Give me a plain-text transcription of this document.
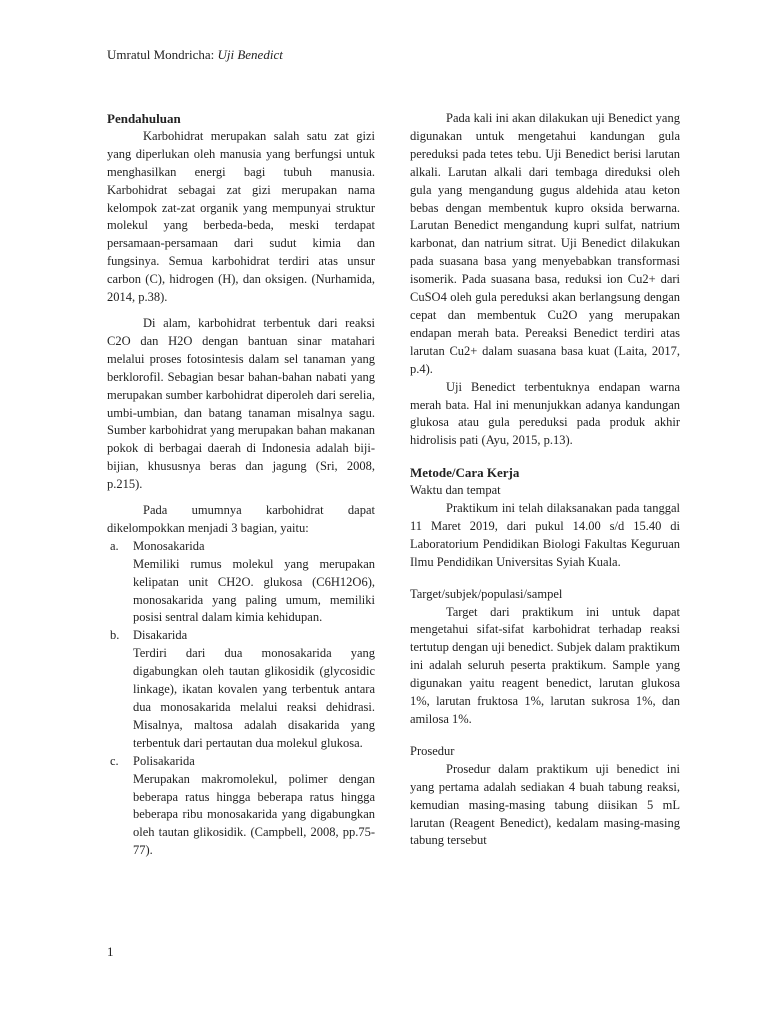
Umratul Mondricha: Uji Benedict

Pendahuluan

Karbohidrat merupakan salah satu zat gizi yang diperlukan oleh manusia yang berfungsi untuk menghasilkan energi bagi tubuh manusia. Karbohidrat sebagai zat gizi merupakan nama kelompok zat-zat organik yang mempunyai struktur molekul yang berbeda-beda, meski terdapat persamaan-persamaan dari sudut kimia dan fungsinya. Semua karbohidrat terdiri atas unsur carbon (C), hidrogen (H), dan oksigen. (Nurhamida, 2014, p.38).

Di alam, karbohidrat terbentuk dari reaksi C2O dan H2O dengan bantuan sinar matahari melalui proses fotosintesis dalam sel tanaman yang berklorofil. Sebagian besar bahan-bahan nabati yang merupakan sumber karbohidrat diperoleh dari serelia, umbi-umbian, dan batang tanaman misalnya sagu. Sumber karbohidrat yang merupakan bahan makanan pokok di berbagai daerah di Indonesia adalah biji-bijian, khususnya beras dan jagung (Sri, 2008, p.215).

Pada umumnya karbohidrat dapat dikelompokkan menjadi 3 bagian, yaitu:

a. Monosakarida

Memiliki rumus molekul yang merupakan kelipatan unit CH2O. glukosa (C6H12O6), monosakarida yang paling umum, memiliki posisi sentral dalam kimia kehidupan.

b. Disakarida

Terdiri dari dua monosakarida yang digabungkan oleh tautan glikosidik (glycosidic linkage), ikatan kovalen yang terbentuk antara dua monosakarida melalui reaksi dehidrasi. Misalnya, maltosa adalah disakarida yang terbentuk dari pertautan dua molekul glukosa.

c. Polisakarida

Merupakan makromolekul, polimer dengan beberapa ratus hingga beberapa ratus hingga beberapa ribu monosakarida yang digabungkan oleh tautan glikosidik. (Campbell, 2008, pp.75-77).

Pada kali ini akan dilakukan uji Benedict yang digunakan untuk mengetahui kandungan gula pereduksi pada tetes tebu. Uji Benedict berisi larutan alkali. Larutan alkali dari tembaga direduksi oleh gula yang mengandung gugus aldehida atau keton bebas dengan membentuk kupro oksida berwarna. Larutan Benedict mengandung kupri sulfat, natrium karbonat, dan natrium sitrat. Uji Benedict dilakukan pada suasana basa yang menyebabkan transformasi isomerik. Pada suasana basa, reduksi ion Cu2+ dari CuSO4 oleh gula pereduksi akan berlangsung dengan cepat dan membentuk Cu2O yang merupakan endapan merah bata. Pereaksi Benedict terdiri atas larutan Cu2+ dalam suasana basa kuat (Laita, 2017, p.4).

Uji Benedict terbentuknya endapan warna merah bata. Hal ini menunjukkan adanya kandungan glukosa atau gula pereduksi pada produk akhir hidrolisis pati (Ayu, 2015, p.13).

Metode/Cara Kerja

Waktu dan tempat

Praktikum ini telah dilaksanakan pada tanggal 11 Maret 2019, dari pukul 14.00 s/d 15.40 di Laboratorium Pendidikan Biologi Fakultas Keguruan Ilmu Pendidikan Universitas Syiah Kuala.

Target/subjek/populasi/sampel

Target dari praktikum ini untuk dapat mengetahui sifat-sifat karbohidrat terhadap reaksi tertutup dengan uji benedict. Subjek dalam praktikum ini adalah seluruh peserta praktikum. Sample yang digunakan yaitu reagent benedict, larutan glukosa 1%, larutan fruktosa 1%, larutan sukrosa 1%, dan amilosa 1%.

Prosedur

Prosedur dalam praktikum uji benedict ini yang pertama adalah sediakan 4 buah tabung reaksi, kemudian masing-masing tabung diisikan 5 mL larutan (Reagent Benedict), kedalam masing-masing tabung tersebut

1
